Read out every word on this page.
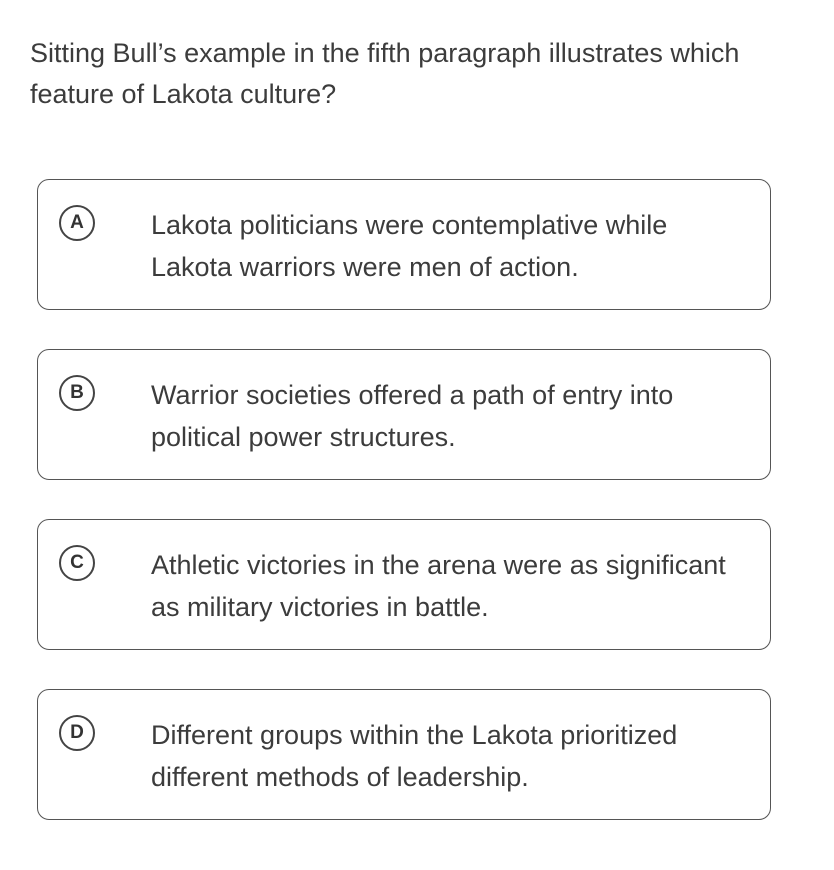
Sitting Bull’s example in the fifth paragraph illustrates which feature of Lakota culture?

A	Lakota politicians were contemplative while Lakota warriors were men of action.
B	Warrior societies offered a path of entry into political power structures.
C	Athletic victories in the arena were as significant as military victories in battle.
D	Different groups within the Lakota prioritized different methods of leadership.
